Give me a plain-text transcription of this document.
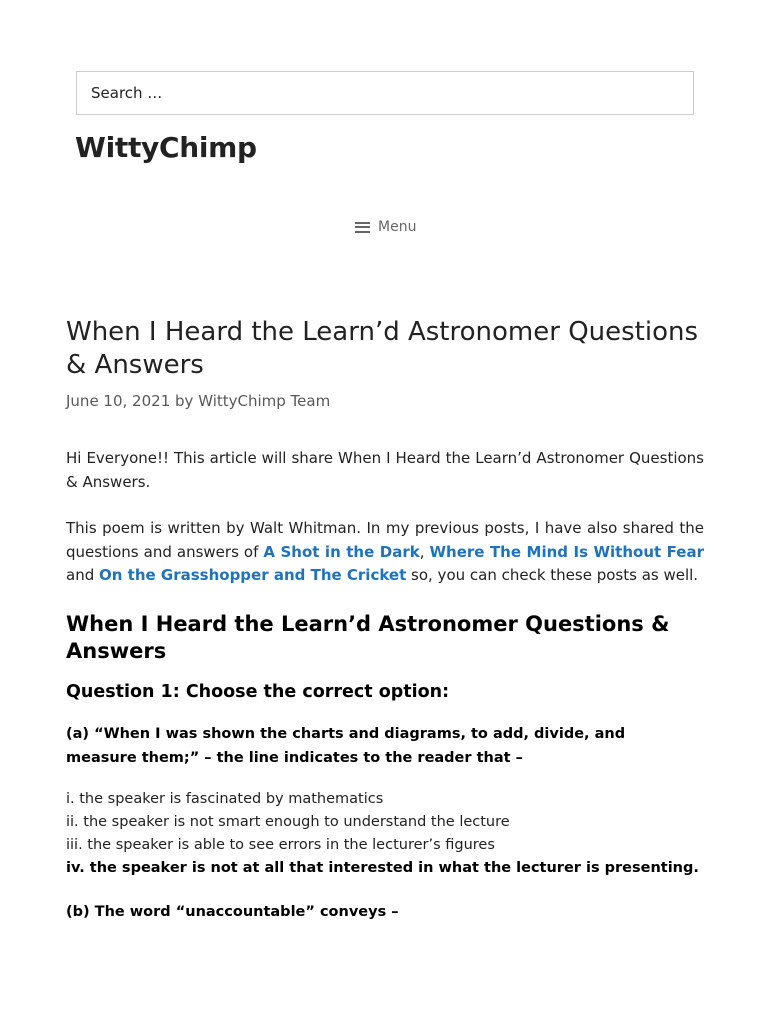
Search …

WittyChimp

Menu
When I Heard the Learn’d Astronomer Questions & Answers
June 10, 2021 by WittyChimp Team

Hi Everyone!! This article will share When I Heard the Learn’d Astronomer Questions & Answers.

This poem is written by Walt Whitman. In my previous posts, I have also shared the questions and answers of A Shot in the Dark, Where The Mind Is Without Fear and On the Grasshopper and The Cricket so, you can check these posts as well.

When I Heard the Learn’d Astronomer Questions & Answers
Question 1: Choose the correct option:

(a) “When I was shown the charts and diagrams, to add, divide, and measure them;” – the line indicates to the reader that –

i. the speaker is fascinated by mathematics
ii. the speaker is not smart enough to understand the lecture
iii. the speaker is able to see errors in the lecturer’s figures
iv. the speaker is not at all that interested in what the lecturer is presenting.

(b) The word “unaccountable” conveys –
